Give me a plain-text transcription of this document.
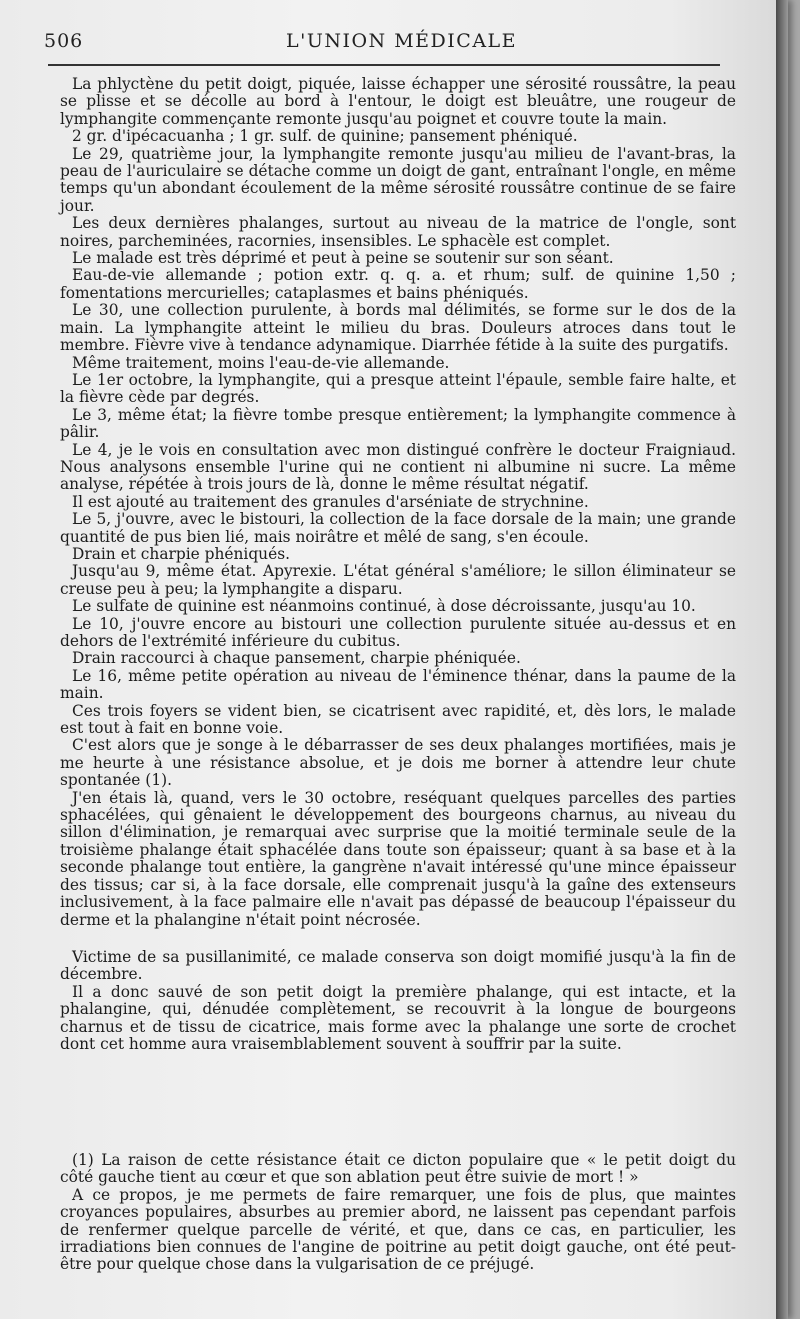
506	L'UNION MÉDICALE

La phlyctène du petit doigt, piquée, laisse échapper une sérosité roussâtre, la peau se plisse et se décolle au bord à l'entour, le doigt est bleuâtre, une rougeur de lymphangite commençante remonte jusqu'au poignet et couvre toute la main.

2 gr. d'ipécacuanha ; 1 gr. sulf. de quinine; pansement phéniqué.

Le 29, quatrième jour, la lymphangite remonte jusqu'au milieu de l'avant-bras, la peau de l'auriculaire se détache comme un doigt de gant, entraînant l'ongle, en même temps qu'un abondant écoulement de la même sérosité roussâtre continue de se faire jour.

Les deux dernières phalanges, surtout au niveau de la matrice de l'ongle, sont noires, parcheminées, racornies, insensibles. Le sphacèle est complet.

Le malade est très déprimé et peut à peine se soutenir sur son séant.

Eau-de-vie allemande ; potion extr. q. q. a. et rhum; sulf. de quinine 1,50 ; fomentations mercurielles; cataplasmes et bains phéniqués.

Le 30, une collection purulente, à bords mal délimités, se forme sur le dos de la main. La lymphangite atteint le milieu du bras. Douleurs atroces dans tout le membre. Fièvre vive à tendance adynamique. Diarrhée fétide à la suite des purgatifs.

Même traitement, moins l'eau-de-vie allemande.

Le 1er octobre, la lymphangite, qui a presque atteint l'épaule, semble faire halte, et la fièvre cède par degrés.

Le 3, même état; la fièvre tombe presque entièrement; la lymphangite commence à pâlir.

Le 4, je le vois en consultation avec mon distingué confrère le docteur Fraigniaud. Nous analysons ensemble l'urine qui ne contient ni albumine ni sucre. La même analyse, répétée à trois jours de là, donne le même résultat négatif.

Il est ajouté au traitement des granules d'arséniate de strychnine.

Le 5, j'ouvre, avec le bistouri, la collection de la face dorsale de la main; une grande quantité de pus bien lié, mais noirâtre et mêlé de sang, s'en écoule.

Drain et charpie phéniqués.

Jusqu'au 9, même état. Apyrexie. L'état général s'améliore; le sillon éliminateur se creuse peu à peu; la lymphangite a disparu.

Le sulfate de quinine est néanmoins continué, à dose décroissante, jusqu'au 10.

Le 10, j'ouvre encore au bistouri une collection purulente située au-dessus et en dehors de l'extrémité inférieure du cubitus.

Drain raccourci à chaque pansement, charpie phéniquée.

Le 16, même petite opération au niveau de l'éminence thénar, dans la paume de la main.

Ces trois foyers se vident bien, se cicatrisent avec rapidité, et, dès lors, le malade est tout à fait en bonne voie.

C'est alors que je songe à le débarrasser de ses deux phalanges mortifiées, mais je me heurte à une résistance absolue, et je dois me borner à attendre leur chute spontanée (1).

J'en étais là, quand, vers le 30 octobre, reséquant quelques parcelles des parties sphacélées, qui gênaient le développement des bourgeons charnus, au niveau du sillon d'élimination, je remarquai avec surprise que la moitié terminale seule de la troisième phalange était sphacélée dans toute son épaisseur; quant à sa base et à la seconde phalange tout entière, la gangrène n'avait intéressé qu'une mince épaisseur des tissus; car si, à la face dorsale, elle comprenait jusqu'à la gaîne des extenseurs inclusivement, à la face palmaire elle n'avait pas dépassé de beaucoup l'épaisseur du derme et la phalangine n'était point nécrosée.

Victime de sa pusillanimité, ce malade conserva son doigt momifié jusqu'à la fin de décembre.

Il a donc sauvé de son petit doigt la première phalange, qui est intacte, et la phalangine, qui, dénudée complètement, se recouvrit à la longue de bourgeons charnus et de tissu de cicatrice, mais forme avec la phalange une sorte de crochet dont cet homme aura vraisemblablement souvent à souffrir par la suite.

(1) La raison de cette résistance était ce dicton populaire que « le petit doigt du côté gauche tient au cœur et que son ablation peut être suivie de mort ! »

A ce propos, je me permets de faire remarquer, une fois de plus, que maintes croyances populaires, absurbes au premier abord, ne laissent pas cependant parfois de renfermer quelque parcelle de vérité, et que, dans ce cas, en particulier, les irradiations bien connues de l'angine de poitrine au petit doigt gauche, ont été peut-être pour quelque chose dans la vulgarisation de ce préjugé.
